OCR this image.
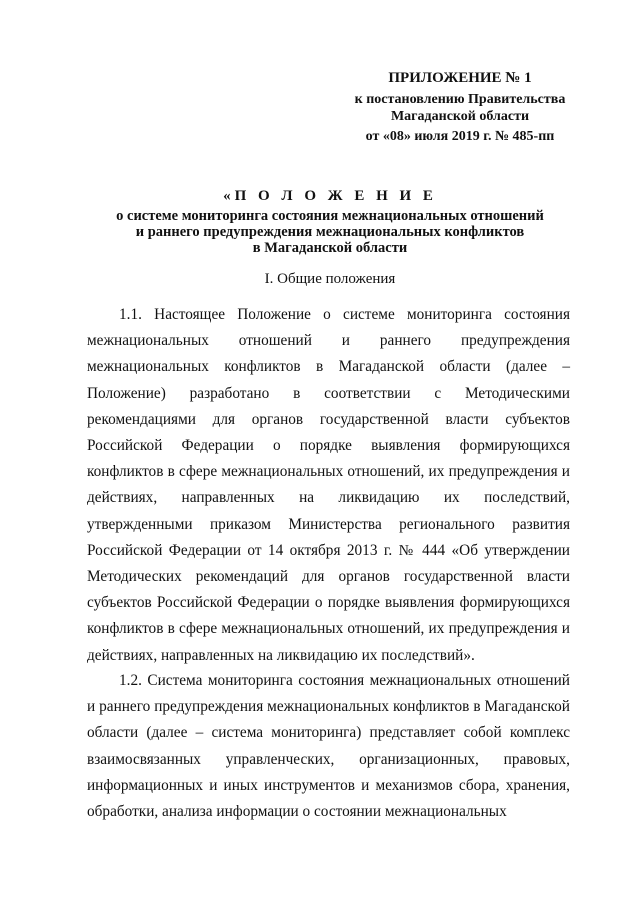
ПРИЛОЖЕНИЕ № 1
к постановлению Правительства
Магаданской области
от «08» июля 2019 г. № 485-пп
«П О Л О Ж Е Н И Е
о системе мониторинга состояния межнациональных отношений
и раннего предупреждения межнациональных конфликтов
в Магаданской области
I. Общие положения

1.1. Настоящее Положение о системе мониторинга состояния межнациональных отношений и раннего предупреждения межнациональных конфликтов в Магаданской области (далее – Положение) разработано в соответствии с Методическими рекомендациями для органов государственной власти субъектов Российской Федерации о порядке выявления формирующихся конфликтов в сфере межнациональных отношений, их предупреждения и действиях, направленных на ликвидацию их последствий, утвержденными приказом Министерства регионального развития Российской Федерации от 14 октября 2013 г. № 444 «Об утверждении Методических рекомендаций для органов государственной власти субъектов Российской Федерации о порядке выявления формирующихся конфликтов в сфере межнациональных отношений, их предупреждения и действиях, направленных на ликвидацию их последствий».

1.2. Система мониторинга состояния межнациональных отношений и раннего предупреждения межнациональных конфликтов в Магаданской области (далее – система мониторинга) представляет собой комплекс взаимосвязанных управленческих, организационных, правовых, информационных и иных инструментов и механизмов сбора, хранения, обработки, анализа информации о состоянии межнациональных
